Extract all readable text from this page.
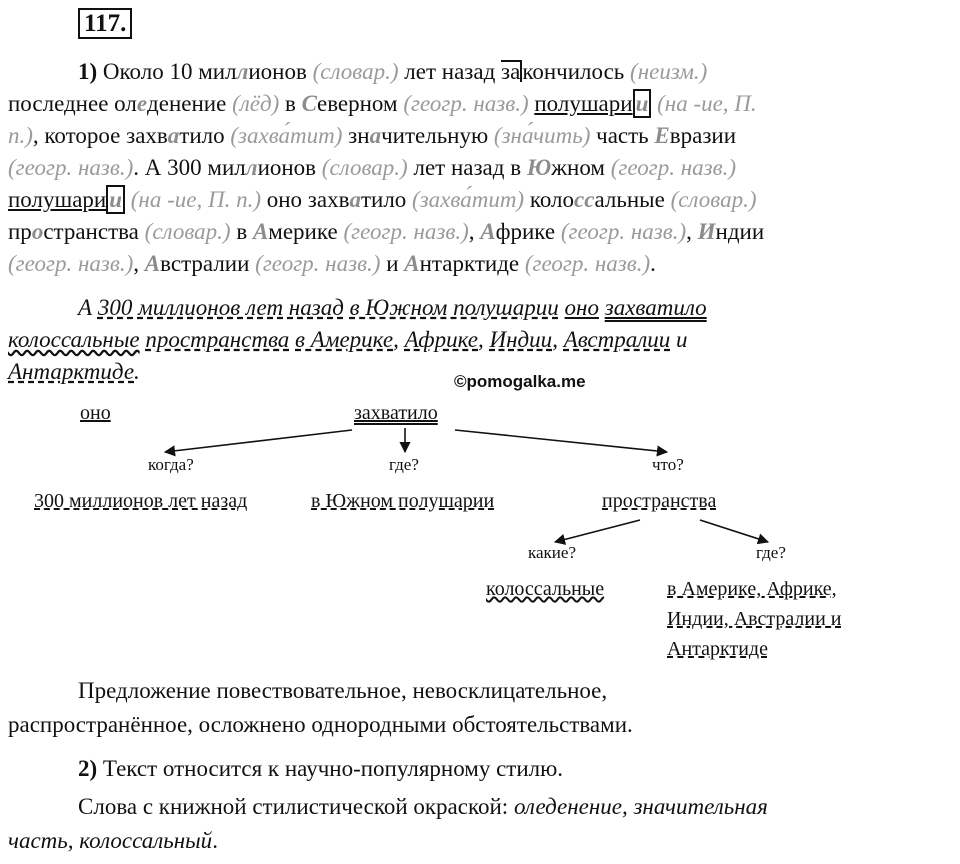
117.
1) Около 10 миллионов (словар.) лет назад закончилось (неизм.)
последнее оледенение (лёд) в Северном (геогр. назв.) полушари и (на -ие, П.
п.), которое захватило (захва́тит) значительную (зна́чить) часть Евразии
(геогр. назв.). А 300 миллионов (словар.) лет назад в Южном (геогр. назв.)
полушари и (на -ие, П. п.) оно захватило (захва́тит) колоссальные (словар.)
пространства (словар.) в Америке (геогр. назв.), Африке (геогр. назв.), Индии
(геогр. назв.), Австралии (геогр. назв.) и Антарктиде (геогр. назв.).
А 300 миллионов лет назад в Южном полушарии оно захватило
колоссальные пространства в Америке, Африке, Индии, Австралии и
Антарктиде.	©pomogalka.me
оно	захватило
когда?	где?	что?
300 миллионов лет назад	в Южном полушарии	пространства
какие?	где?
колоссальные	в Америке, Африке,
Индии, Австралии и
Антарктиде
Предложение повествовательное, невосклицательное,
распространённое, осложнено однородными обстоятельствами.
2) Текст относится к научно-популярному стилю.
Слова с книжной стилистической окраской: оледенение, значительная
часть, колоссальный.
